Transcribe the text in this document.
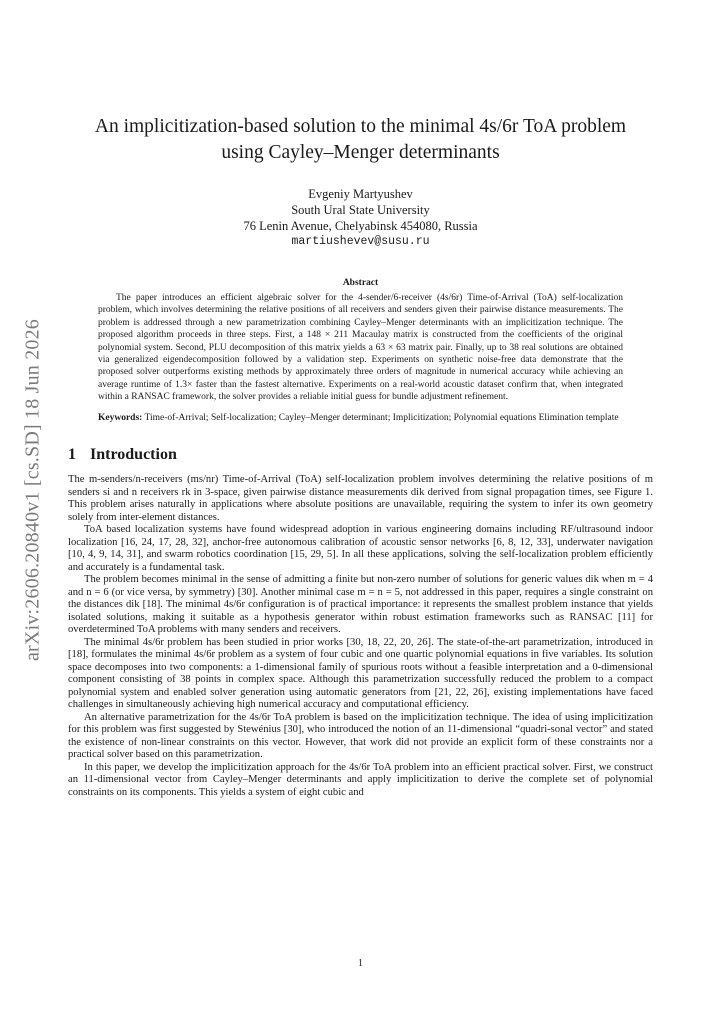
arXiv:2606.20840v1 [cs.SD] 18 Jun 2026
An implicitization-based solution to the minimal 4s/6r ToA problem
using Cayley–Menger determinants
Evgeniy Martyushev
South Ural State University
76 Lenin Avenue, Chelyabinsk 454080, Russia
martiushevev@susu.ru
Abstract
The paper introduces an efficient algebraic solver for the 4-sender/6-receiver (4s/6r) Time-of-Arrival (ToA) self-localization problem, which involves determining the relative positions of all receivers and senders given their pairwise distance measurements. The problem is addressed through a new parametrization combining Cayley–Menger determinants with an implicitization technique. The proposed algorithm proceeds in three steps. First, a 148 × 211 Macaulay matrix is constructed from the coefficients of the original polynomial system. Second, PLU decomposition of this matrix yields a 63 × 63 matrix pair. Finally, up to 38 real solutions are obtained via generalized eigendecomposition followed by a validation step. Experiments on synthetic noise-free data demonstrate that the proposed solver outperforms existing methods by approximately three orders of magnitude in numerical accuracy while achieving an average runtime of 1.3× faster than the fastest alternative. Experiments on a real-world acoustic dataset confirm that, when integrated within a RANSAC framework, the solver provides a reliable initial guess for bundle adjustment refinement.
Keywords: Time-of-Arrival; Self-localization; Cayley–Menger determinant; Implicitization; Polynomial equations Elimination template
1 Introduction

The m-senders/n-receivers (ms/nr) Time-of-Arrival (ToA) self-localization problem involves determining the relative positions of m senders si and n receivers rk in 3-space, given pairwise distance measurements dik derived from signal propagation times, see Figure 1. This problem arises naturally in applications where absolute positions are unavailable, requiring the system to infer its own geometry solely from inter-element distances.

ToA based localization systems have found widespread adoption in various engineering domains including RF/ultrasound indoor localization [16, 24, 17, 28, 32], anchor-free autonomous calibration of acoustic sensor networks [6, 8, 12, 33], underwater navigation [10, 4, 9, 14, 31], and swarm robotics coordination [15, 29, 5]. In all these applications, solving the self-localization problem efficiently and accurately is a fundamental task.

The problem becomes minimal in the sense of admitting a finite but non-zero number of solutions for generic values dik when m = 4 and n = 6 (or vice versa, by symmetry) [30]. Another minimal case m = n = 5, not addressed in this paper, requires a single constraint on the distances dik [18]. The minimal 4s/6r configuration is of practical importance: it represents the smallest problem instance that yields isolated solutions, making it suitable as a hypothesis generator within robust estimation frameworks such as RANSAC [11] for overdetermined ToA problems with many senders and receivers.

The minimal 4s/6r problem has been studied in prior works [30, 18, 22, 20, 26]. The state-of-the-art parametrization, introduced in [18], formulates the minimal 4s/6r problem as a system of four cubic and one quartic polynomial equations in five variables. Its solution space decomposes into two components: a 1-dimensional family of spurious roots without a feasible interpretation and a 0-dimensional component consisting of 38 points in complex space. Although this parametrization successfully reduced the problem to a compact polynomial system and enabled solver generation using automatic generators from [21, 22, 26], existing implementations have faced challenges in simultaneously achieving high numerical accuracy and computational efficiency.

An alternative parametrization for the 4s/6r ToA problem is based on the implicitization technique. The idea of using implicitization for this problem was first suggested by Stewénius [30], who introduced the notion of an 11-dimensional “quadri-sonal vector” and stated the existence of non-linear constraints on this vector. However, that work did not provide an explicit form of these constraints nor a practical solver based on this parametrization.

In this paper, we develop the implicitization approach for the 4s/6r ToA problem into an efficient practical solver. First, we construct an 11-dimensional vector from Cayley–Menger determinants and apply implicitization to derive the complete set of polynomial constraints on its components. This yields a system of eight cubic and

1
